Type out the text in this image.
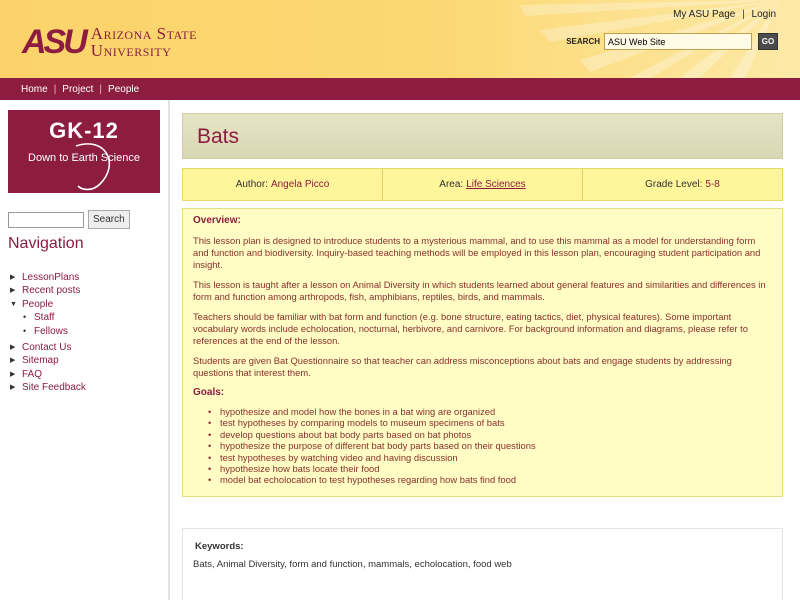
ASU Arizona State
University
My ASU Page | Login
SEARCH
ASU Web Site	GO
Home | Project | People
GK-12
Down to Earth Science
Search
Navigation
▶ LessonPlans
▶ Recent posts
▼ People
• Staff
• Fellows
▶ Contact Us
▶ Sitemap
▶ FAQ
▶ Site Feedback
Bats
Author: Angela Picco	Area: Life Sciences	Grade Level: 5-8
Overview:

This lesson plan is designed to introduce students to a mysterious mammal, and to use this mammal as a model for understanding form and function and biodiversity. Inquiry-based teaching methods will be employed in this lesson plan, encouraging student participation and insight.

This lesson is taught after a lesson on Animal Diversity in which students learned about general features and similarities and differences in form and function among arthropods, fish, amphibians, reptiles, birds, and mammals.

Teachers should be familiar with bat form and function (e.g. bone structure, eating tactics, diet, physical features). Some important vocabulary words include echolocation, nocturnal, herbivore, and carnivore. For background information and diagrams, please refer to references at the end of the lesson.

Students are given Bat Questionnaire so that teacher can address misconceptions about bats and engage students by addressing questions that interest them.

Goals:
• hypothesize and model how the bones in a bat wing are organized
• test hypotheses by comparing models to museum specimens of bats
• develop questions about bat body parts based on bat photos
• hypothesize the purpose of different bat body parts based on their questions
• test hypotheses by watching video and having discussion
• hypothesize how bats locate their food
• model bat echolocation to test hypotheses regarding how bats find food
Keywords:
Bats, Animal Diversity, form and function, mammals, echolocation, food web
